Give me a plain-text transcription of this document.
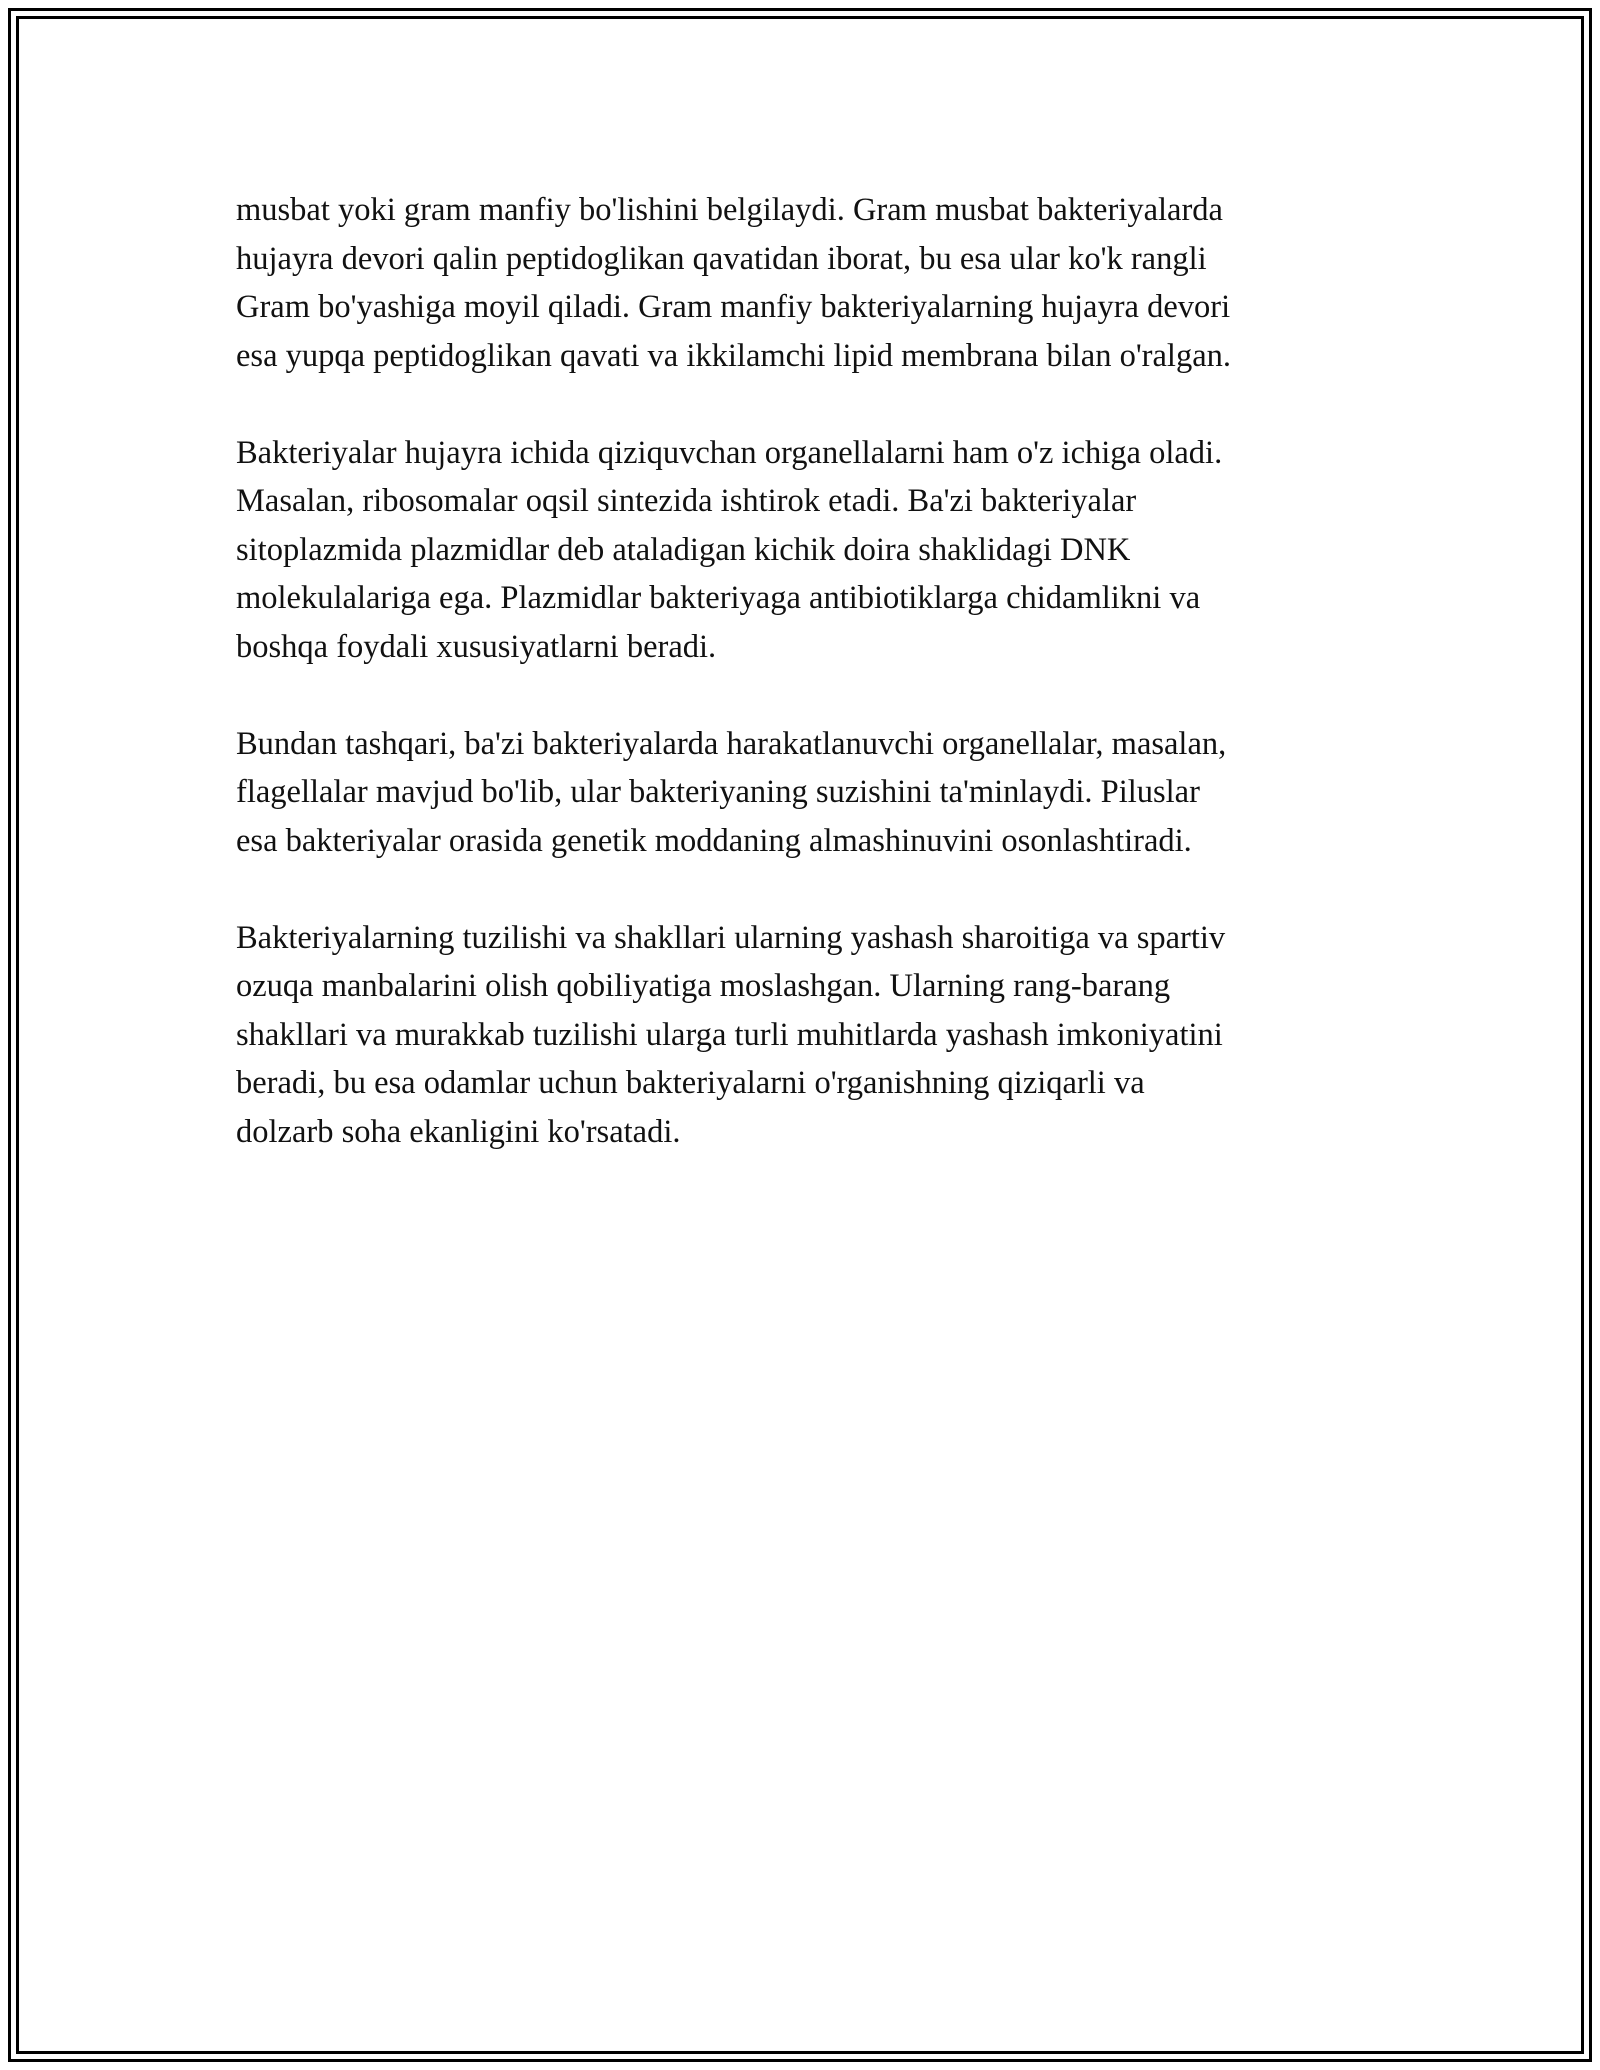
musbat yoki gram manfiy bo'lishini belgilaydi. Gram musbat bakteriyalarda
hujayra devori qalin peptidoglikan qavatidan iborat, bu esa ular ko'k rangli
Gram bo'yashiga moyil qiladi. Gram manfiy bakteriyalarning hujayra devori
esa yupqa peptidoglikan qavati va ikkilamchi lipid membrana bilan o'ralgan.

Bakteriyalar hujayra ichida qiziquvchan organellalarni ham o'z ichiga oladi.
Masalan, ribosomalar oqsil sintezida ishtirok etadi. Ba'zi bakteriyalar
sitoplazmida plazmidlar deb ataladigan kichik doira shaklidagi DNK
molekulalariga ega. Plazmidlar bakteriyaga antibiotiklarga chidamlikni va
boshqa foydali xususiyatlarni beradi.

Bundan tashqari, ba'zi bakteriyalarda harakatlanuvchi organellalar, masalan,
flagellalar mavjud bo'lib, ular bakteriyaning suzishini ta'minlaydi. Piluslar
esa bakteriyalar orasida genetik moddaning almashinuvini osonlashtiradi.

Bakteriyalarning tuzilishi va shakllari ularning yashash sharoitiga va spartiv
ozuqa manbalarini olish qobiliyatiga moslashgan. Ularning rang-barang
shakllari va murakkab tuzilishi ularga turli muhitlarda yashash imkoniyatini
beradi, bu esa odamlar uchun bakteriyalarni o'rganishning qiziqarli va
dolzarb soha ekanligini ko'rsatadi.
